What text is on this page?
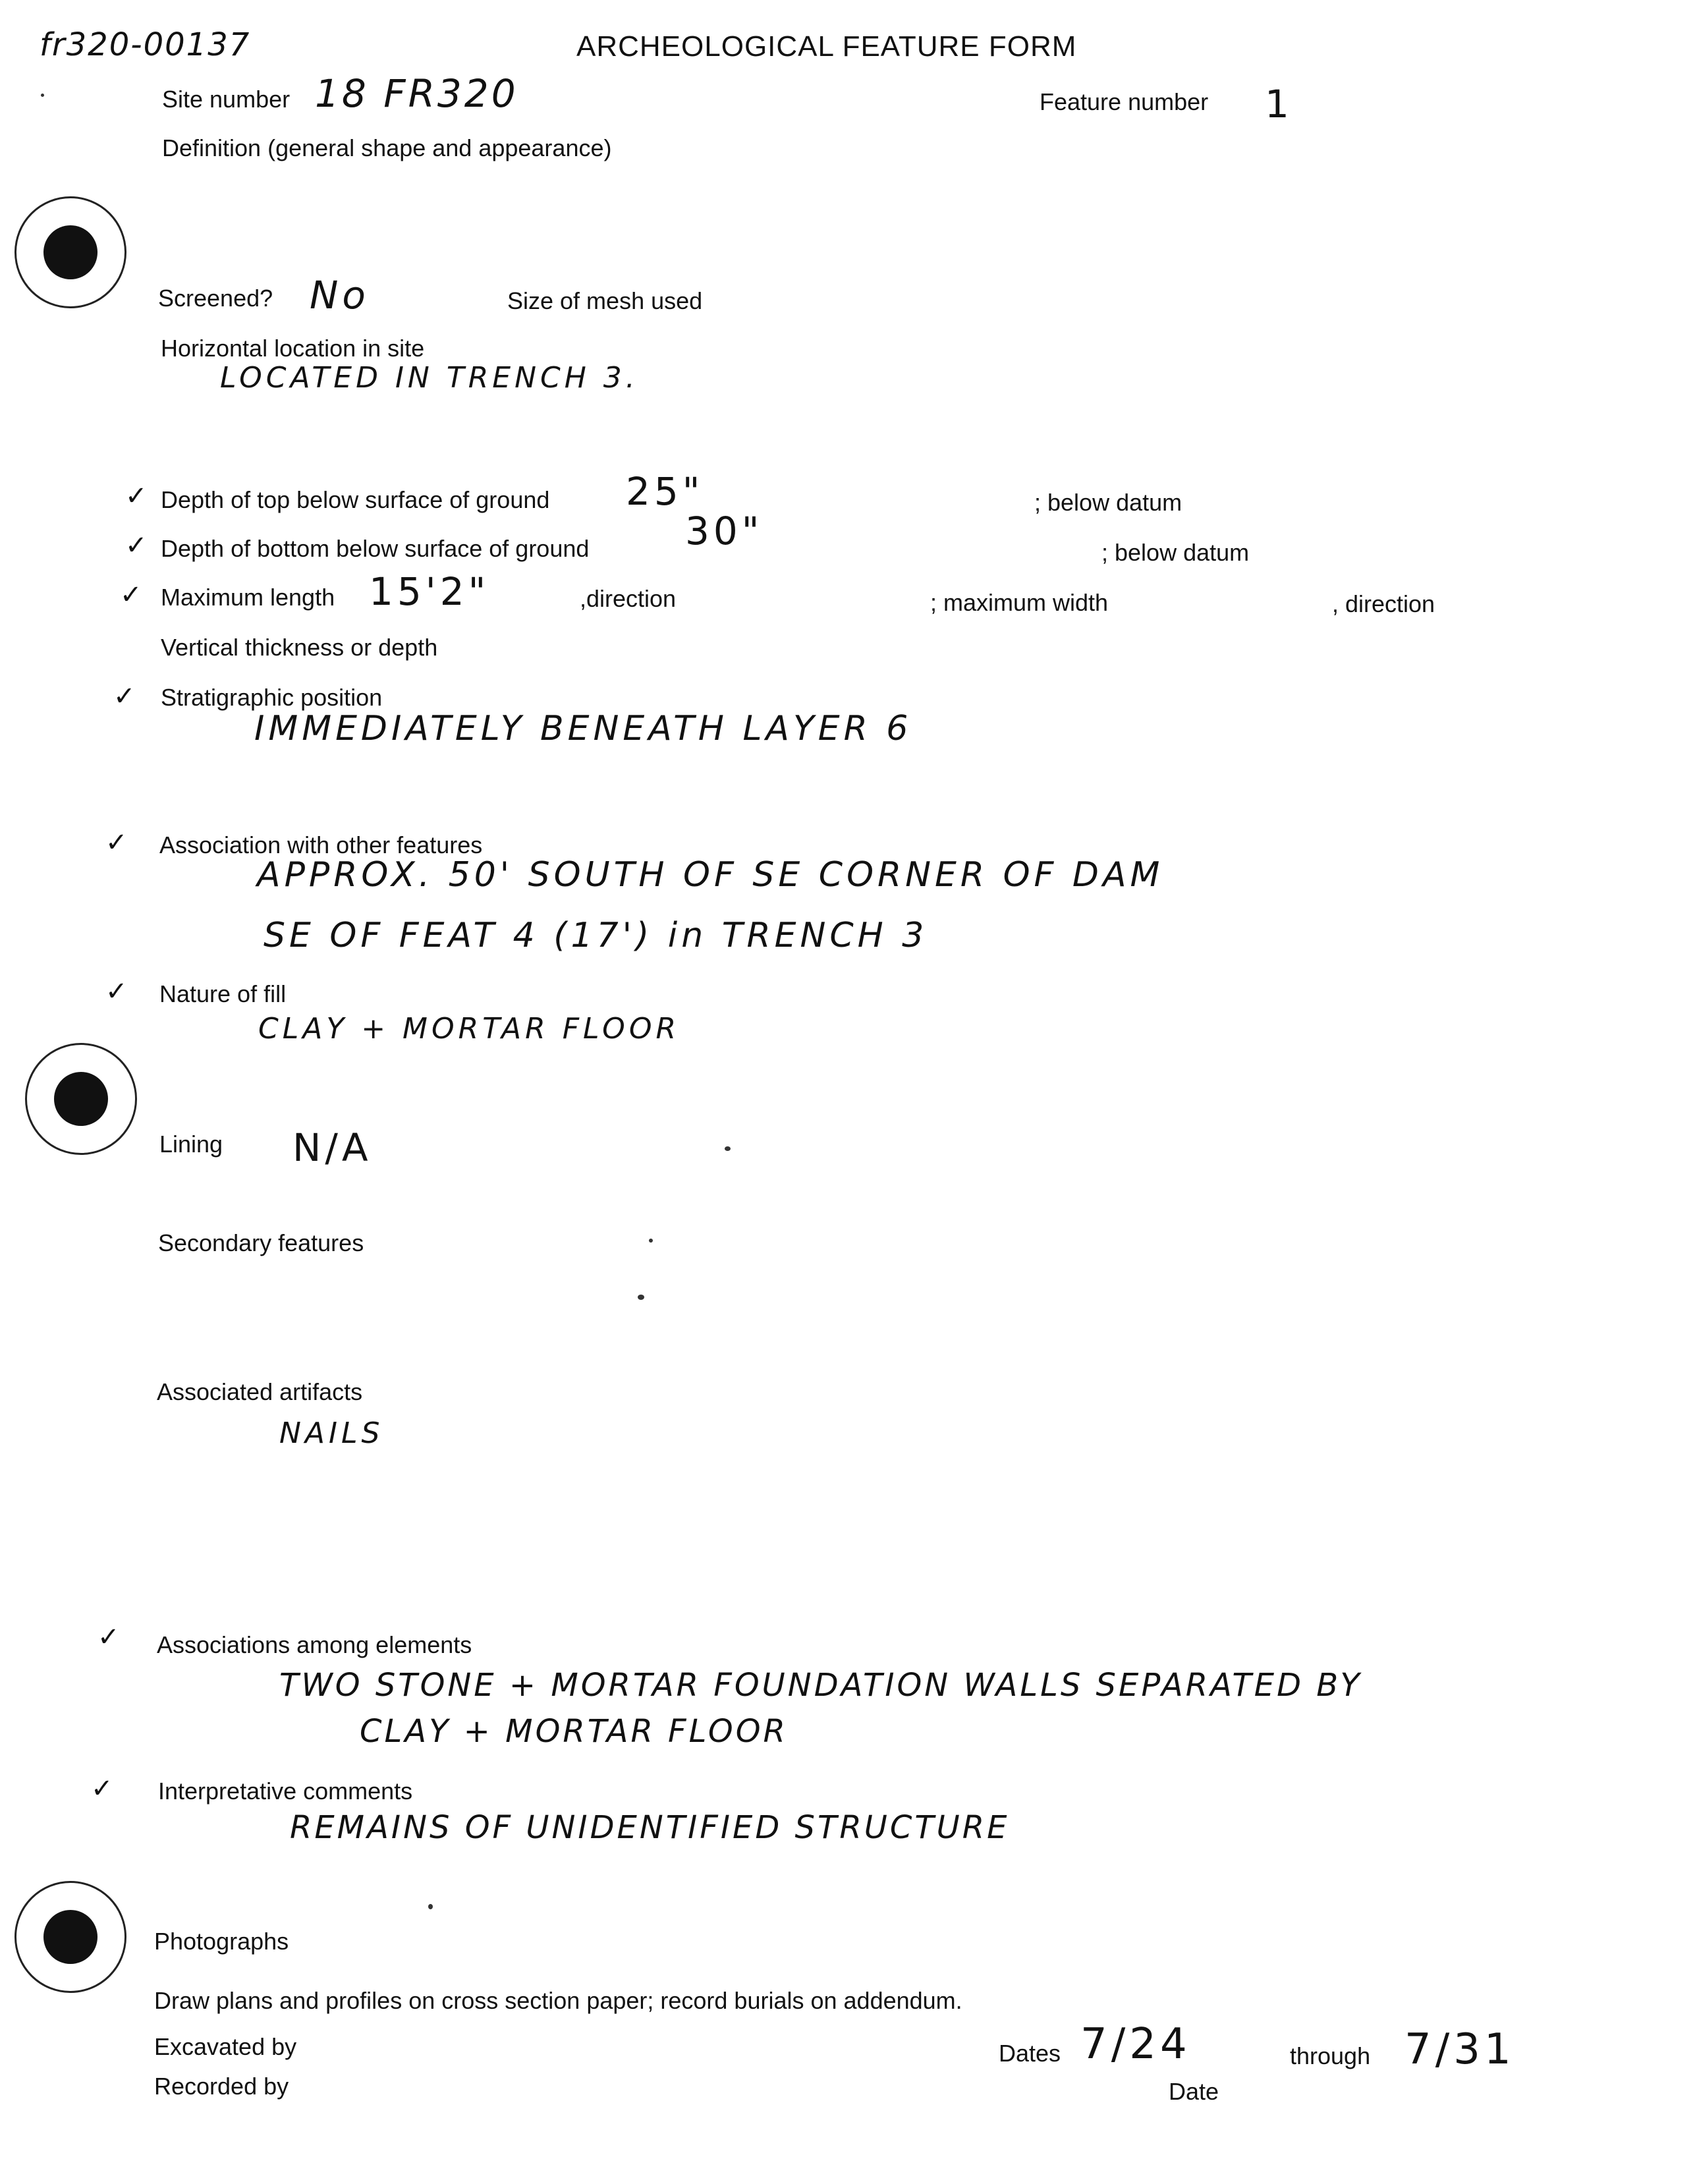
fr320-00137	ARCHEOLOGICAL FEATURE FORM
Site number 18 FR320	Feature number 1
Definition (general shape and appearance)
Screened? No	Size of mesh used
Horizontal location in site
LOCATED IN TRENCH 3.
✓ Depth of top below surface of ground 25"	; below datum
✓ Depth of bottom below surface of ground	30"	; below datum
✓ Maximum length 15'2"	,direction	; maximum width	, direction
Vertical thickness or depth
✓ Stratigraphic position
IMMEDIATELY BENEATH LAYER 6
✓ Association with other features
APPROX. 50' SOUTH OF SE CORNER OF DAM
SE OF FEAT 4 (17') in TRENCH 3
✓ Nature of fill
CLAY + MORTAR FLOOR
Lining N/A
Secondary features
Associated artifacts
NAILS
✓ Associations among elements
TWO STONE + MORTAR FOUNDATION WALLS SEPARATED BY
CLAY + MORTAR FLOOR
✓ Interpretative comments
REMAINS OF UNIDENTIFIED STRUCTURE
Photographs
Draw plans and profiles on cross section paper; record burials on addendum.
Excavated by
Recorded by
Dates 7/24	through 7/31
Date
